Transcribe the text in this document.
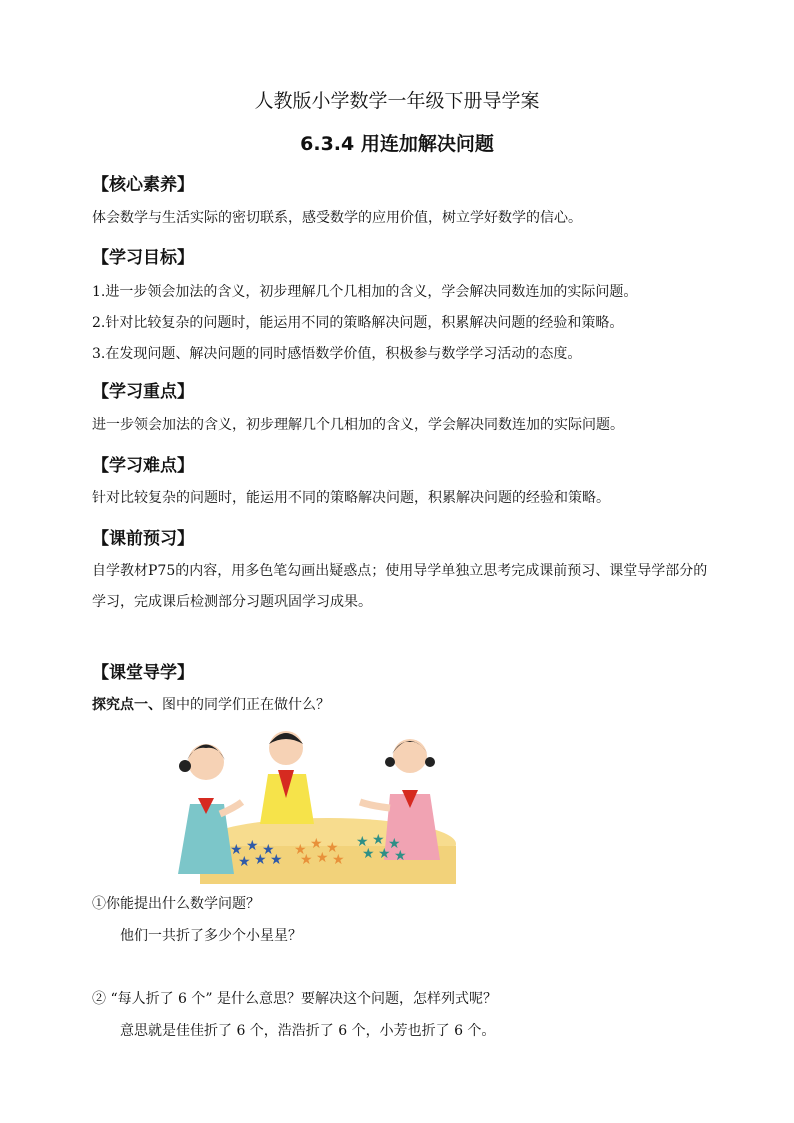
人教版小学数学一年级下册导学案
6.3.4 用连加解决问题
【核心素养】
体会数学与生活实际的密切联系，感受数学的应用价值，树立学好数学的信心。
【学习目标】
1.进一步领会加法的含义，初步理解几个几相加的含义，学会解决同数连加的实际问题。
2.针对比较复杂的问题时，能运用不同的策略解决问题，积累解决问题的经验和策略。
3.在发现问题、解决问题的同时感悟数学价值，积极参与数学学习活动的态度。
【学习重点】
进一步领会加法的含义，初步理解几个几相加的含义，学会解决同数连加的实际问题。
【学习难点】
针对比较复杂的问题时，能运用不同的策略解决问题，积累解决问题的经验和策略。
【课前预习】
自学教材P75的内容，用多色笔勾画出疑惑点；使用导学单独立思考完成课前预习、课堂导学部分的学习，完成课后检测部分习题巩固学习成果。
【课堂导学】
探究点一、图中的同学们正在做什么？
★ ★ ★
★ ★ ★
★ ★ ★
★ ★ ★
★ ★ ★
★ ★ ★
①你能提出什么数学问题？
他们一共折了多少个小星星？
② “每人折了 6 个” 是什么意思？要解决这个问题，怎样列式呢？
意思就是佳佳折了 6 个，浩浩折了 6 个，小芳也折了 6 个。
